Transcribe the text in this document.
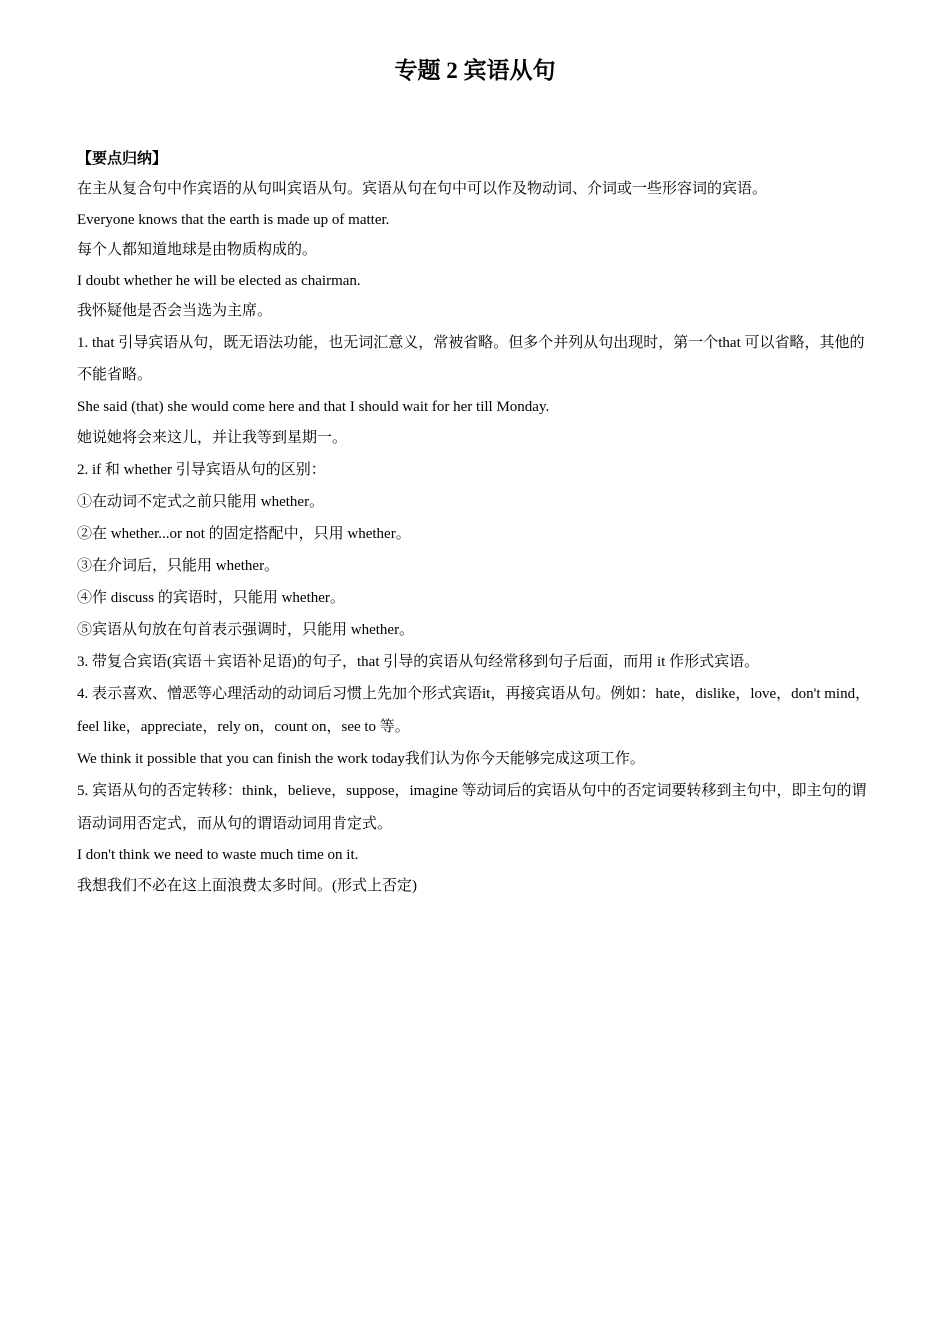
专题 2 宾语从句
【要点归纳】

在主从复合句中作宾语的从句叫宾语从句。宾语从句在句中可以作及物动词、介词或一些形容词的宾语。

Everyone knows that the earth is made up of matter.

每个人都知道地球是由物质构成的。

I doubt whether he will be elected as chairman.

我怀疑他是否会当选为主席。

1. that 引导宾语从句，既无语法功能，也无词汇意义，常被省略。但多个并列从句出现时，第一个that 可以省略，其他的不能省略。

She said (that) she would come here and that I should wait for her till Monday.

她说她将会来这儿，并让我等到星期一。

2. if 和 whether 引导宾语从句的区别：

①在动词不定式之前只能用 whether。

②在 whether...or not 的固定搭配中，只用 whether。

③在介词后，只能用 whether。

④作 discuss 的宾语时，只能用 whether。

⑤宾语从句放在句首表示强调时，只能用 whether。

3. 带复合宾语(宾语＋宾语补足语)的句子，that 引导的宾语从句经常移到句子后面，而用 it 作形式宾语。

4. 表示喜欢、憎恶等心理活动的动词后习惯上先加个形式宾语it，再接宾语从句。例如：hate，dislike，love，don't mind，feel like，appreciate，rely on，count on，see to 等。

We think it possible that you can finish the work today我们认为你今天能够完成这项工作。

5. 宾语从句的否定转移：think，believe，suppose，imagine 等动词后的宾语从句中的否定词要转移到主句中，即主句的谓语动词用否定式，而从句的谓语动词用肯定式。

I don't think we need to waste much time on it.

我想我们不必在这上面浪费太多时间。(形式上否定)
